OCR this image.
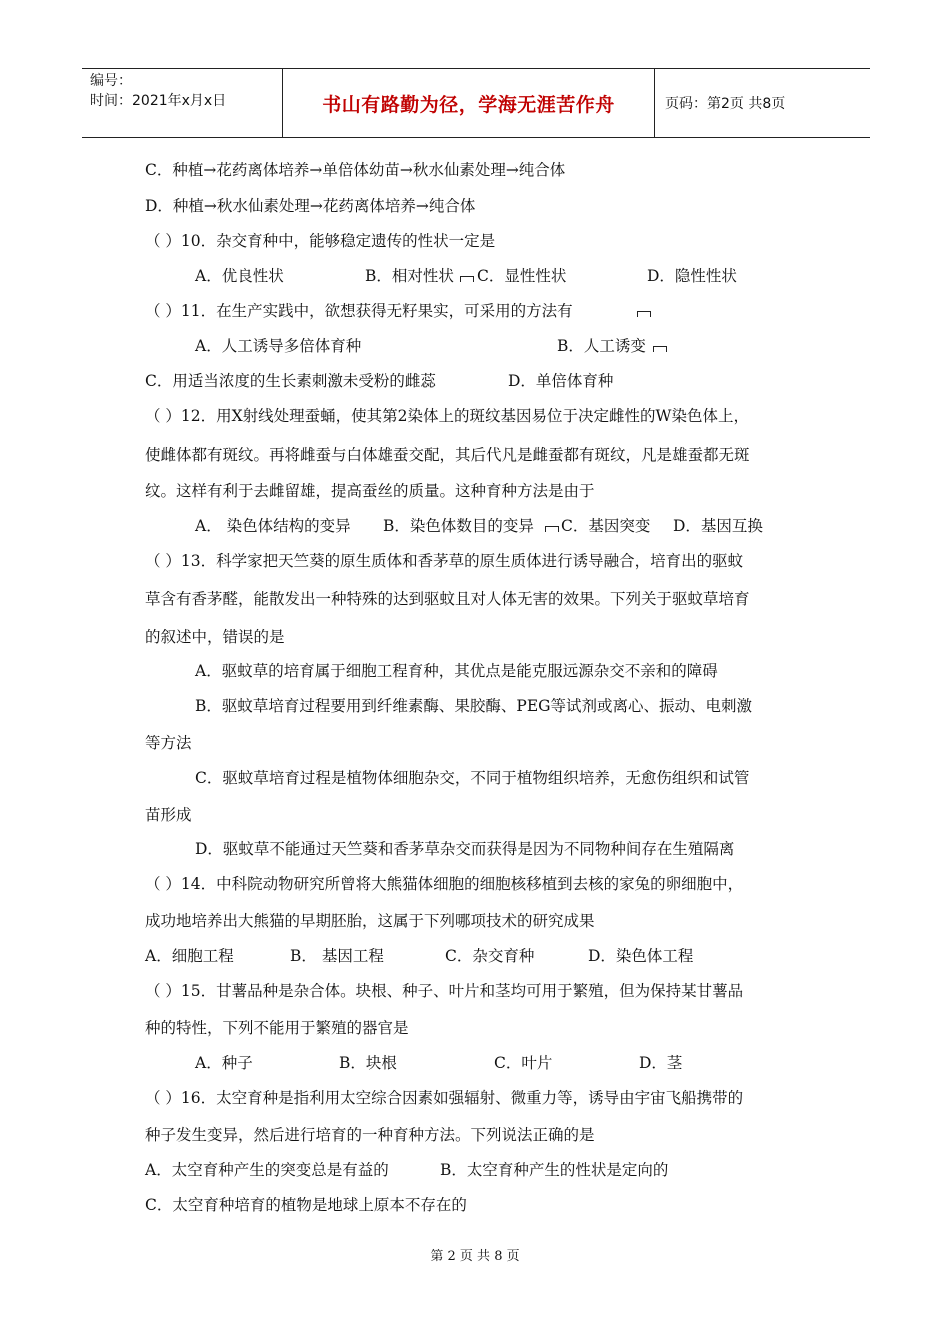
编号：
时间：2021年x月x日	书山有路勤为径，学海无涯苦作舟	页码：第2页 共8页
C．种植→花药离体培养→单倍体幼苗→秋水仙素处理→纯合体
D．种植→秋水仙素处理→花药离体培养→纯合体
（ ）10．杂交育种中，能够稳定遗传的性状一定是
A．优良性状	B．相对性状 C．显性性状	D．隐性性状
（ ）11．在生产实践中，欲想获得无籽果实，可采用的方法有
A．人工诱导多倍体育种	B．人工诱变
C．用适当浓度的生长素刺激未受粉的雌蕊	D．单倍体育种
（ ）12．用X射线处理蚕蛹，使其第2染体上的斑纹基因易位于决定雌性的W染色体上，
使雌体都有斑纹。再将雌蚕与白体雄蚕交配，其后代凡是雌蚕都有斑纹，凡是雄蚕都无斑
纹。这样有利于去雌留雄，提高蚕丝的质量。这种育种方法是由于
A． 染色体结构的变异 B．染色体数目的变异 C．基因突变 D．基因互换
（ ）13．科学家把天竺葵的原生质体和香茅草的原生质体进行诱导融合，培育出的驱蚊
草含有香茅醛，能散发出一种特殊的达到驱蚊且对人体无害的效果。下列关于驱蚊草培育
的叙述中，错误的是
A．驱蚊草的培育属于细胞工程育种，其优点是能克服远源杂交不亲和的障碍
B．驱蚊草培育过程要用到纤维素酶、果胶酶、PEG等试剂或离心、振动、电刺激
等方法
C．驱蚊草培育过程是植物体细胞杂交，不同于植物组织培养，无愈伤组织和试管
苗形成
D．驱蚊草不能通过天竺葵和香茅草杂交而获得是因为不同物种间存在生殖隔离
（ ）14．中科院动物研究所曾将大熊猫体细胞的细胞核移植到去核的家兔的卵细胞中，
成功地培养出大熊猫的早期胚胎，这属于下列哪项技术的研究成果
A．细胞工程	B． 基因工程	C．杂交育种	D．染色体工程
（ ）15．甘薯品种是杂合体。块根、种子、叶片和茎均可用于繁殖，但为保持某甘薯品
种的特性，下列不能用于繁殖的器官是
A．种子	B．块根	C．叶片	D．茎
（ ）16．太空育种是指利用太空综合因素如强辐射、微重力等，诱导由宇宙飞船携带的
种子发生变异，然后进行培育的一种育种方法。下列说法正确的是
A．太空育种产生的突变总是有益的	B．太空育种产生的性状是定向的
C．太空育种培育的植物是地球上原本不存在的
第 2 页 共 8 页
